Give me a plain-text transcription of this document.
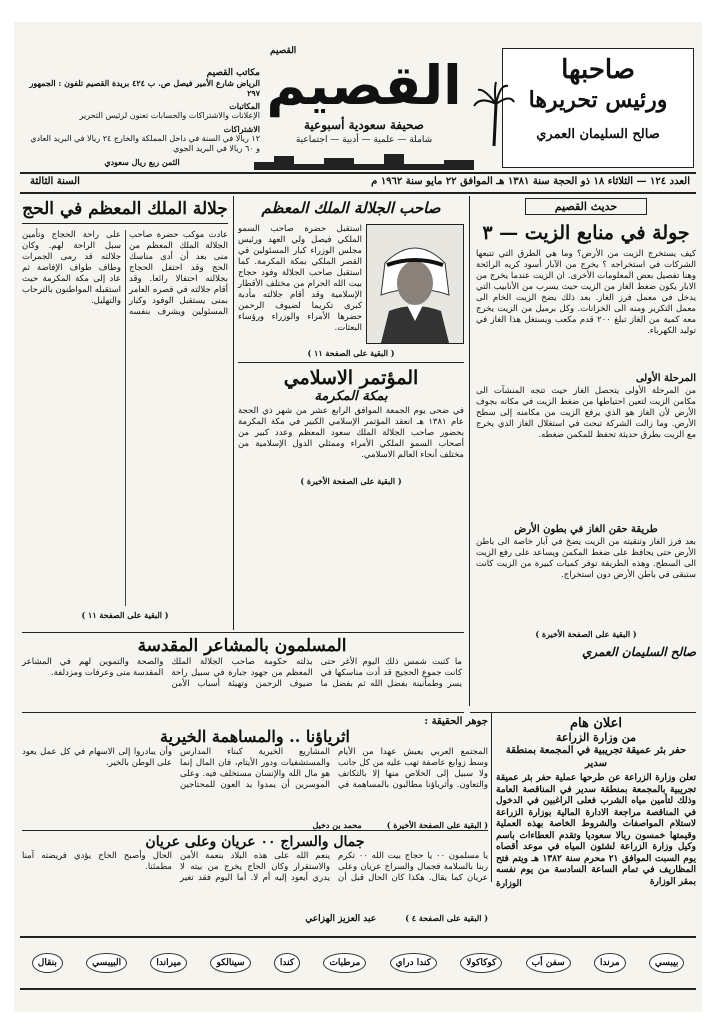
صاحبها
ورئيس تحريرها
صالح السليمان العمري
القصيم
القصيم
صحيفة سعودية أسبوعية
شاملة — علمية — أدبية — اجتماعية
مكاتب القصيم
الرياض شارع الأمير فيصل ص. ب ٤٢٤ بريدة القصيم تلفون : الجمهور ٢٩٧
المكاتبات
الإعلانات والاشتراكات والحسابات تعنون لرئيس التحرير
الاشتراكات
١٢ ريالا في السنة في داخل المملكة والخارج ٢٤ ريالا في البريد العادي و ٦٠ ريالا في البريد الجوي
الثمن ربع ريال سعودي
العدد ١٢٤ — الثلاثاء ١٨ ذو الحجة سنة ١٣٨١ هـ الموافق ٢٢ مايو سنة ١٩٦٢ م
السنة الثالثة
حديث القصيم
جولة في منابع الزيت — ٣
كيف يستخرج الزيت من الأرض؟ وما هي الطرق التي تتبعها الشركات في استخراجه ؟ يخرج من الآبار أسود كريه الرائحة وهنا تفصيل بعض المعلومات الأخرى. ان الزيت عندما يخرج من الابار يكون ضغط الغاز من الزيت حيث يسرب من الأنابيب التي يدخل في معمل فرز الغاز. بعد ذلك يضخ الزيت الخام الى معمل التكرير ومنه الى الخزانات. وكل برميل من الزيت يخرج معه كمية من الغاز تبلغ ٢٠٠ قدم مكعب ويستغل هذا الغاز في توليد الكهرباء.
المرحلة الأولى
من المرحلة الأولى يتحصل الغاز حيث تتجه المنشآت الى مكامن الزيت لتعين احتياطها من ضغط الزيت في مكانه بجوف الأرض لأن الغاز هو الذي يرفع الزيت من مكامنه إلى سطح الأرض. وما زالت الشركة تبحث في استغلال الغاز الذي يخرج مع الزيت بطرق حديثة تحفظ للمكمن ضغطه.
طريقة حقن الغاز في بطون الأرض
بعد فرز الغاز وتنقيته من الزيت يضخ في آبار خاصة الى باطن الأرض حتى يحافظ على ضغط المكمن ويساعد على رفع الزيت الى السطح. وهذه الطريقة توفر كميات كبيرة من الزيت كانت ستبقى في باطن الأرض دون استخراج.
( البقية على الصفحة الأخيرة )
صالح السليمان العمري
صاحب الجلالة الملك المعظم
استقبل حضرة صاحب السمو الملكي فيصل ولي العهد ورئيس مجلس الوزراء كبار المسئولين في القصر الملكي بمكة المكرمة. كما استقبل صاحب الجلالة وفود حجاج بيت الله الحرام من مختلف الأقطار الإسلامية وقد أقام جلالته مأدبة كبرى تكريما لضيوف الرحمن حضرها الأمراء والوزراء ورؤساء البعثات.
( البقية على الصفحة ١١ )
المؤتمر الاسلامي
بمكة المكرمة
في ضحى يوم الجمعة الموافق الرابع عشر من شهر ذي الحجة عام ١٣٨١ هـ انعقد المؤتمر الإسلامي الكبير في مكة المكرمة بحضور صاحب الجلالة الملك سعود المعظم وعدد كبير من أصحاب السمو الملكي الأمراء وممثلي الدول الإسلامية من مختلف أنحاء العالم الاسلامي.
( البقية على الصفحة الأخيرة )
جلالة الملك المعظم في الحج
عادت موكب حضرة صاحب الجلالة الملك المعظم من منى بعد أن أدى مناسك الحج وقد احتفل الحجاج بجلالته احتفالا رائعا. وقد أقام جلالته في قصره العامر بمنى يستقبل الوفود وكبار المسئولين ويشرف بنفسه على راحة الحجاج وتأمين سبل الراحة لهم. وكان جلالته قد رمى الجمرات وطاف طواف الإفاضة ثم عاد إلى مكة المكرمة حيث استقبله المواطنون بالترحاب والتهليل.
( البقية على الصفحة ١١ )
المسلمون بالمشاعر المقدسة
ما كتبت شمس ذلك اليوم الأغر حتى كانت جموع الحجيج قد أدت مناسكها في يسر وطمأنينة بفضل الله ثم بفضل ما بذلته حكومة صاحب الجلالة الملك المعظم من جهود جبارة في سبيل راحة ضيوف الرحمن وتهيئة أسباب الأمن والصحة والتموين لهم في المشاعر المقدسة منى وعرفات ومزدلفة.
اعلان هام
من وزارة الزراعة
حفر بئر عميقة تجريبية في المجمعة بمنطقة سدير
تعلن وزارة الزراعة عن طرحها عملية حفر بئر عميقة تجريبية بالمجمعة بمنطقة سدير في المناقصة العامة وذلك لتأمين مياه الشرب فعلى الراغبين في الدخول في المناقصة مراجعة الادارة المالية بوزارة الزراعة لاستلام المواصفات والشروط الخاصة بهذه العملية وقيمتها خمسون ريالا سعوديا وتقدم العطاءات باسم وكيل وزارة الزراعة لشئون المياه في موعد أقصاه يوم السبت الموافق ٢١ محرم سنة ١٣٨٢ هـ ويتم فتح المظاريف في تمام الساعة السادسة من يوم نفسه بمقر الوزارة
الوزارة
جوهر الحقيقة :
اثرياؤنا .. والمساهمة الخيرية
المجتمع العربي يعيش عهدا من الأيام وسط زوابع عاصفة تهب عليه من كل جانب ولا سبيل إلى الخلاص منها إلا بالتكاتف والتعاون. وأثرياؤنا مطالبون بالمساهمة في المشاريع الخيرية كبناء المدارس والمستشفيات ودور الأيتام، فان المال إنما هو مال الله والإنسان مستخلف فيه. وعلى الموسرين أن يمدوا يد العون للمحتاجين وأن يبادروا إلى الاسهام في كل عمل يعود على الوطن بالخير.
( البقية على الصفحة الأخيرة ) محمد بن دخيل
جمال والسراج ٠٠ عريان وعلى عريان
يا مسلمون ٠٠ يا حجاج بيت الله ٠٠ تكرم ربنا بالسلامة فجمال والسراج عريان وعلى عريان كما يقال. هكذا كان الحال قبل أن ينعم الله على هذه البلاد بنعمة الأمن والاستقرار وكان الحاج يخرج من بيته لا يدري أيعود إليه أم لا. أما اليوم فقد تغير الحال وأصبح الحاج يؤدي فريضته آمنا مطمئنا.
( البقية على الصفحة ٤ ) عبد العزيز الهزاعي
بيبسي
مرندا
سفن أب
كوكاكولا
كندا دراي
مرطبات
كندا
سينالكو
ميراندا
البيبسي
بنقال
